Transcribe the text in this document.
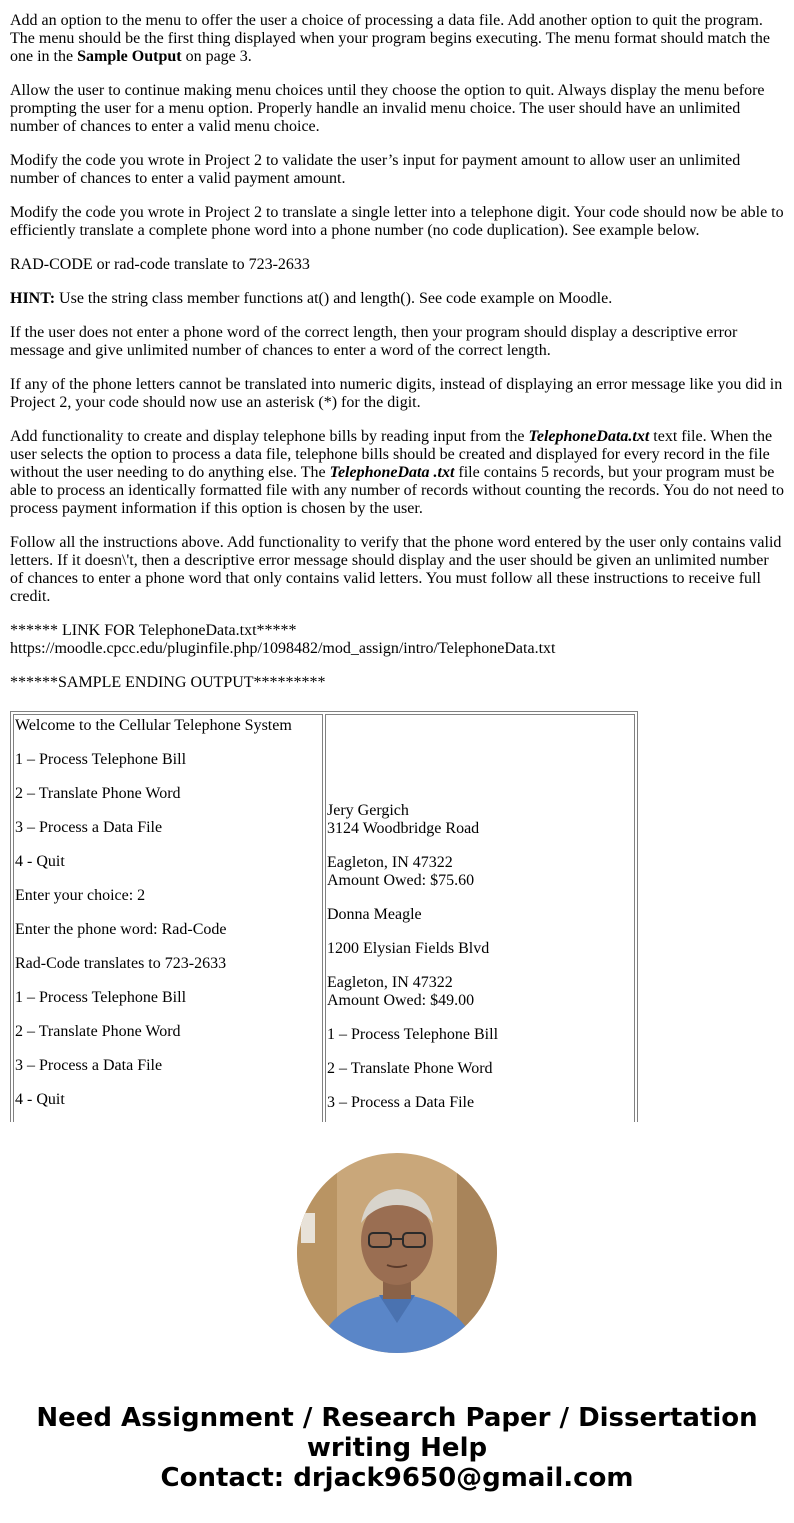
Add an option to the menu to offer the user a choice of processing a data file. Add another option to quit the program. The menu should be the first thing displayed when your program begins executing. The menu format should match the one in the Sample Output on page 3.

Allow the user to continue making menu choices until they choose the option to quit. Always display the menu before prompting the user for a menu option. Properly handle an invalid menu choice. The user should have an unlimited number of chances to enter a valid menu choice.

Modify the code you wrote in Project 2 to validate the user’s input for payment amount to allow user an unlimited number of chances to enter a valid payment amount.

Modify the code you wrote in Project 2 to translate a single letter into a telephone digit. Your code should now be able to efficiently translate a complete phone word into a phone number (no code duplication). See example below.

RAD-CODE or rad-code translate to 723-2633

HINT: Use the string class member functions at() and length(). See code example on Moodle.

If the user does not enter a phone word of the correct length, then your program should display a descriptive error message and give unlimited number of chances to enter a word of the correct length.

If any of the phone letters cannot be translated into numeric digits, instead of displaying an error message like you did in Project 2, your code should now use an asterisk (*) for the digit.

Add functionality to create and display telephone bills by reading input from the TelephoneData.txt text file. When the user selects the option to process a data file, telephone bills should be created and displayed for every record in the file without the user needing to do anything else. The TelephoneData .txt file contains 5 records, but your program must be able to process an identically formatted file with any number of records without counting the records. You do not need to process payment information if this option is chosen by the user.

Follow all the instructions above. Add functionality to verify that the phone word entered by the user only contains valid letters. If it doesn\'t, then a descriptive error message should display and the user should be given an unlimited number of chances to enter a phone word that only contains valid letters. You must follow all these instructions to receive full credit.

****** LINK FOR TelephoneData.txt*****
https://moodle.cpcc.edu/pluginfile.php/1098482/mod_assign/intro/TelephoneData.txt

******SAMPLE ENDING OUTPUT*********

Welcome to the Cellular Telephone System

1 – Process Telephone Bill

2 – Translate Phone Word

3 – Process a Data File

4 - Quit

Enter your choice: 2

Enter the phone word: Rad-Code

Rad-Code translates to 723-2633

1 – Process Telephone Bill

2 – Translate Phone Word

3 – Process a Data File

4 - Quit

Jery Gergich

3124 Woodbridge Road

Eagleton, IN 47322

Amount Owed: $75.60

Donna Meagle

1200 Elysian Fields Blvd

Eagleton, IN 47322

Amount Owed: $49.00

1 – Process Telephone Bill

2 – Translate Phone Word

3 – Process a Data File

Need Assignment / Research Paper / Dissertation
writing Help
Contact: drjack9650@gmail.com
